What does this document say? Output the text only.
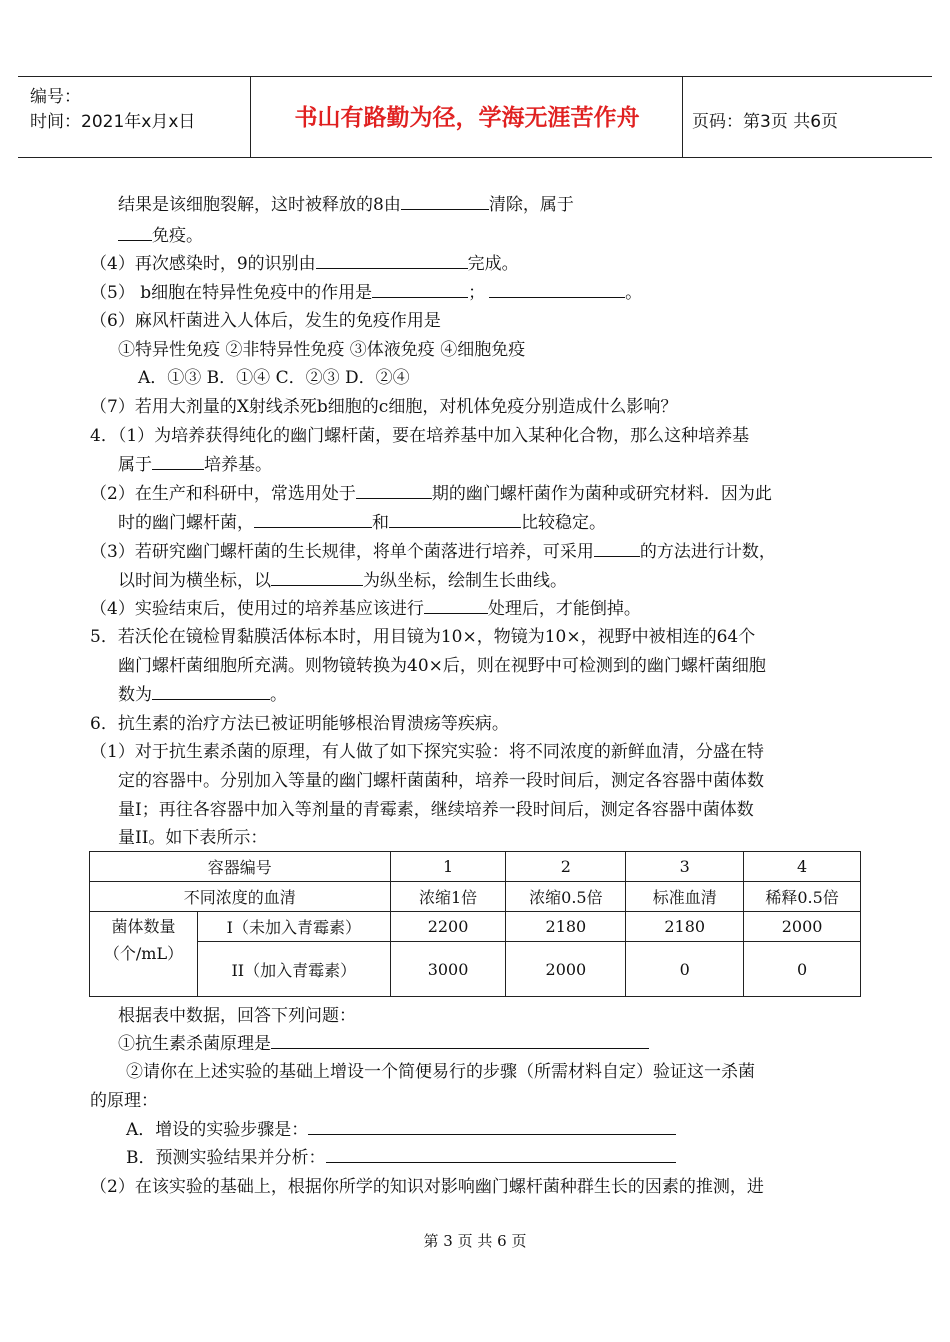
编号：
时间：2021年x月x日	书山有路勤为径，学海无涯苦作舟	页码：第3页 共6页
结果是该细胞裂解，这时被释放的8由	清除，属于
免疫。
（4）再次感染时，9的识别由	完成。
（5） b细胞在特异性免疫中的作用是	；	。
（6）麻风杆菌进入人体后，发生的免疫作用是
①特异性免疫 ②非特异性免疫 ③体液免疫 ④细胞免疫
A．①③ B．①④ C．②③ D．②④
（7）若用大剂量的X射线杀死b细胞的c细胞，对机体免疫分别造成什么影响？
4．（1）为培养获得纯化的幽门螺杆菌，要在培养基中加入某种化合物，那么这种培养基
属于	培养基。
（2）在生产和科研中，常选用处于	期的幽门螺杆菌作为菌种或研究材料．因为此
时的幽门螺杆菌，	和	比较稳定。
（3）若研究幽门螺杆菌的生长规律，将单个菌落进行培养，可采用	的方法进行计数，
以时间为横坐标，以	为纵坐标，绘制生长曲线。
（4）实验结束后，使用过的培养基应该进行	处理后，才能倒掉。
5．若沃伦在镜检胃黏膜活体标本时，用目镜为10×，物镜为10×，视野中被相连的64个
幽门螺杆菌细胞所充满。则物镜转换为40×后，则在视野中可检测到的幽门螺杆菌细胞
数为	。
6．抗生素的治疗方法已被证明能够根治胃溃疡等疾病。
（1）对于抗生素杀菌的原理，有人做了如下探究实验：将不同浓度的新鲜血清，分盛在特
定的容器中。分别加入等量的幽门螺杆菌菌种，培养一段时间后，测定各容器中菌体数
量I；再往各容器中加入等剂量的青霉素，继续培养一段时间后，测定各容器中菌体数
量II。如下表所示：
容器编号		1	2	3	4
不同浓度的血清		浓缩1倍	浓缩0.5倍	标准血清	稀释0.5倍

菌体数量
（个/mL）	I（未加入青霉素）	2200	2180	2180	2000
	II（加入青霉素）	3000	2000	0	0
根据表中数据，回答下列问题：
①抗生素杀菌原理是
②请你在上述实验的基础上增设一个简便易行的步骤（所需材料自定）验证这一杀菌
的原理：
A．增设的实验步骤是：
B．预测实验结果并分析：
（2）在该实验的基础上，根据你所学的知识对影响幽门螺杆菌种群生长的因素的推测，进
第 3 页 共 6 页
